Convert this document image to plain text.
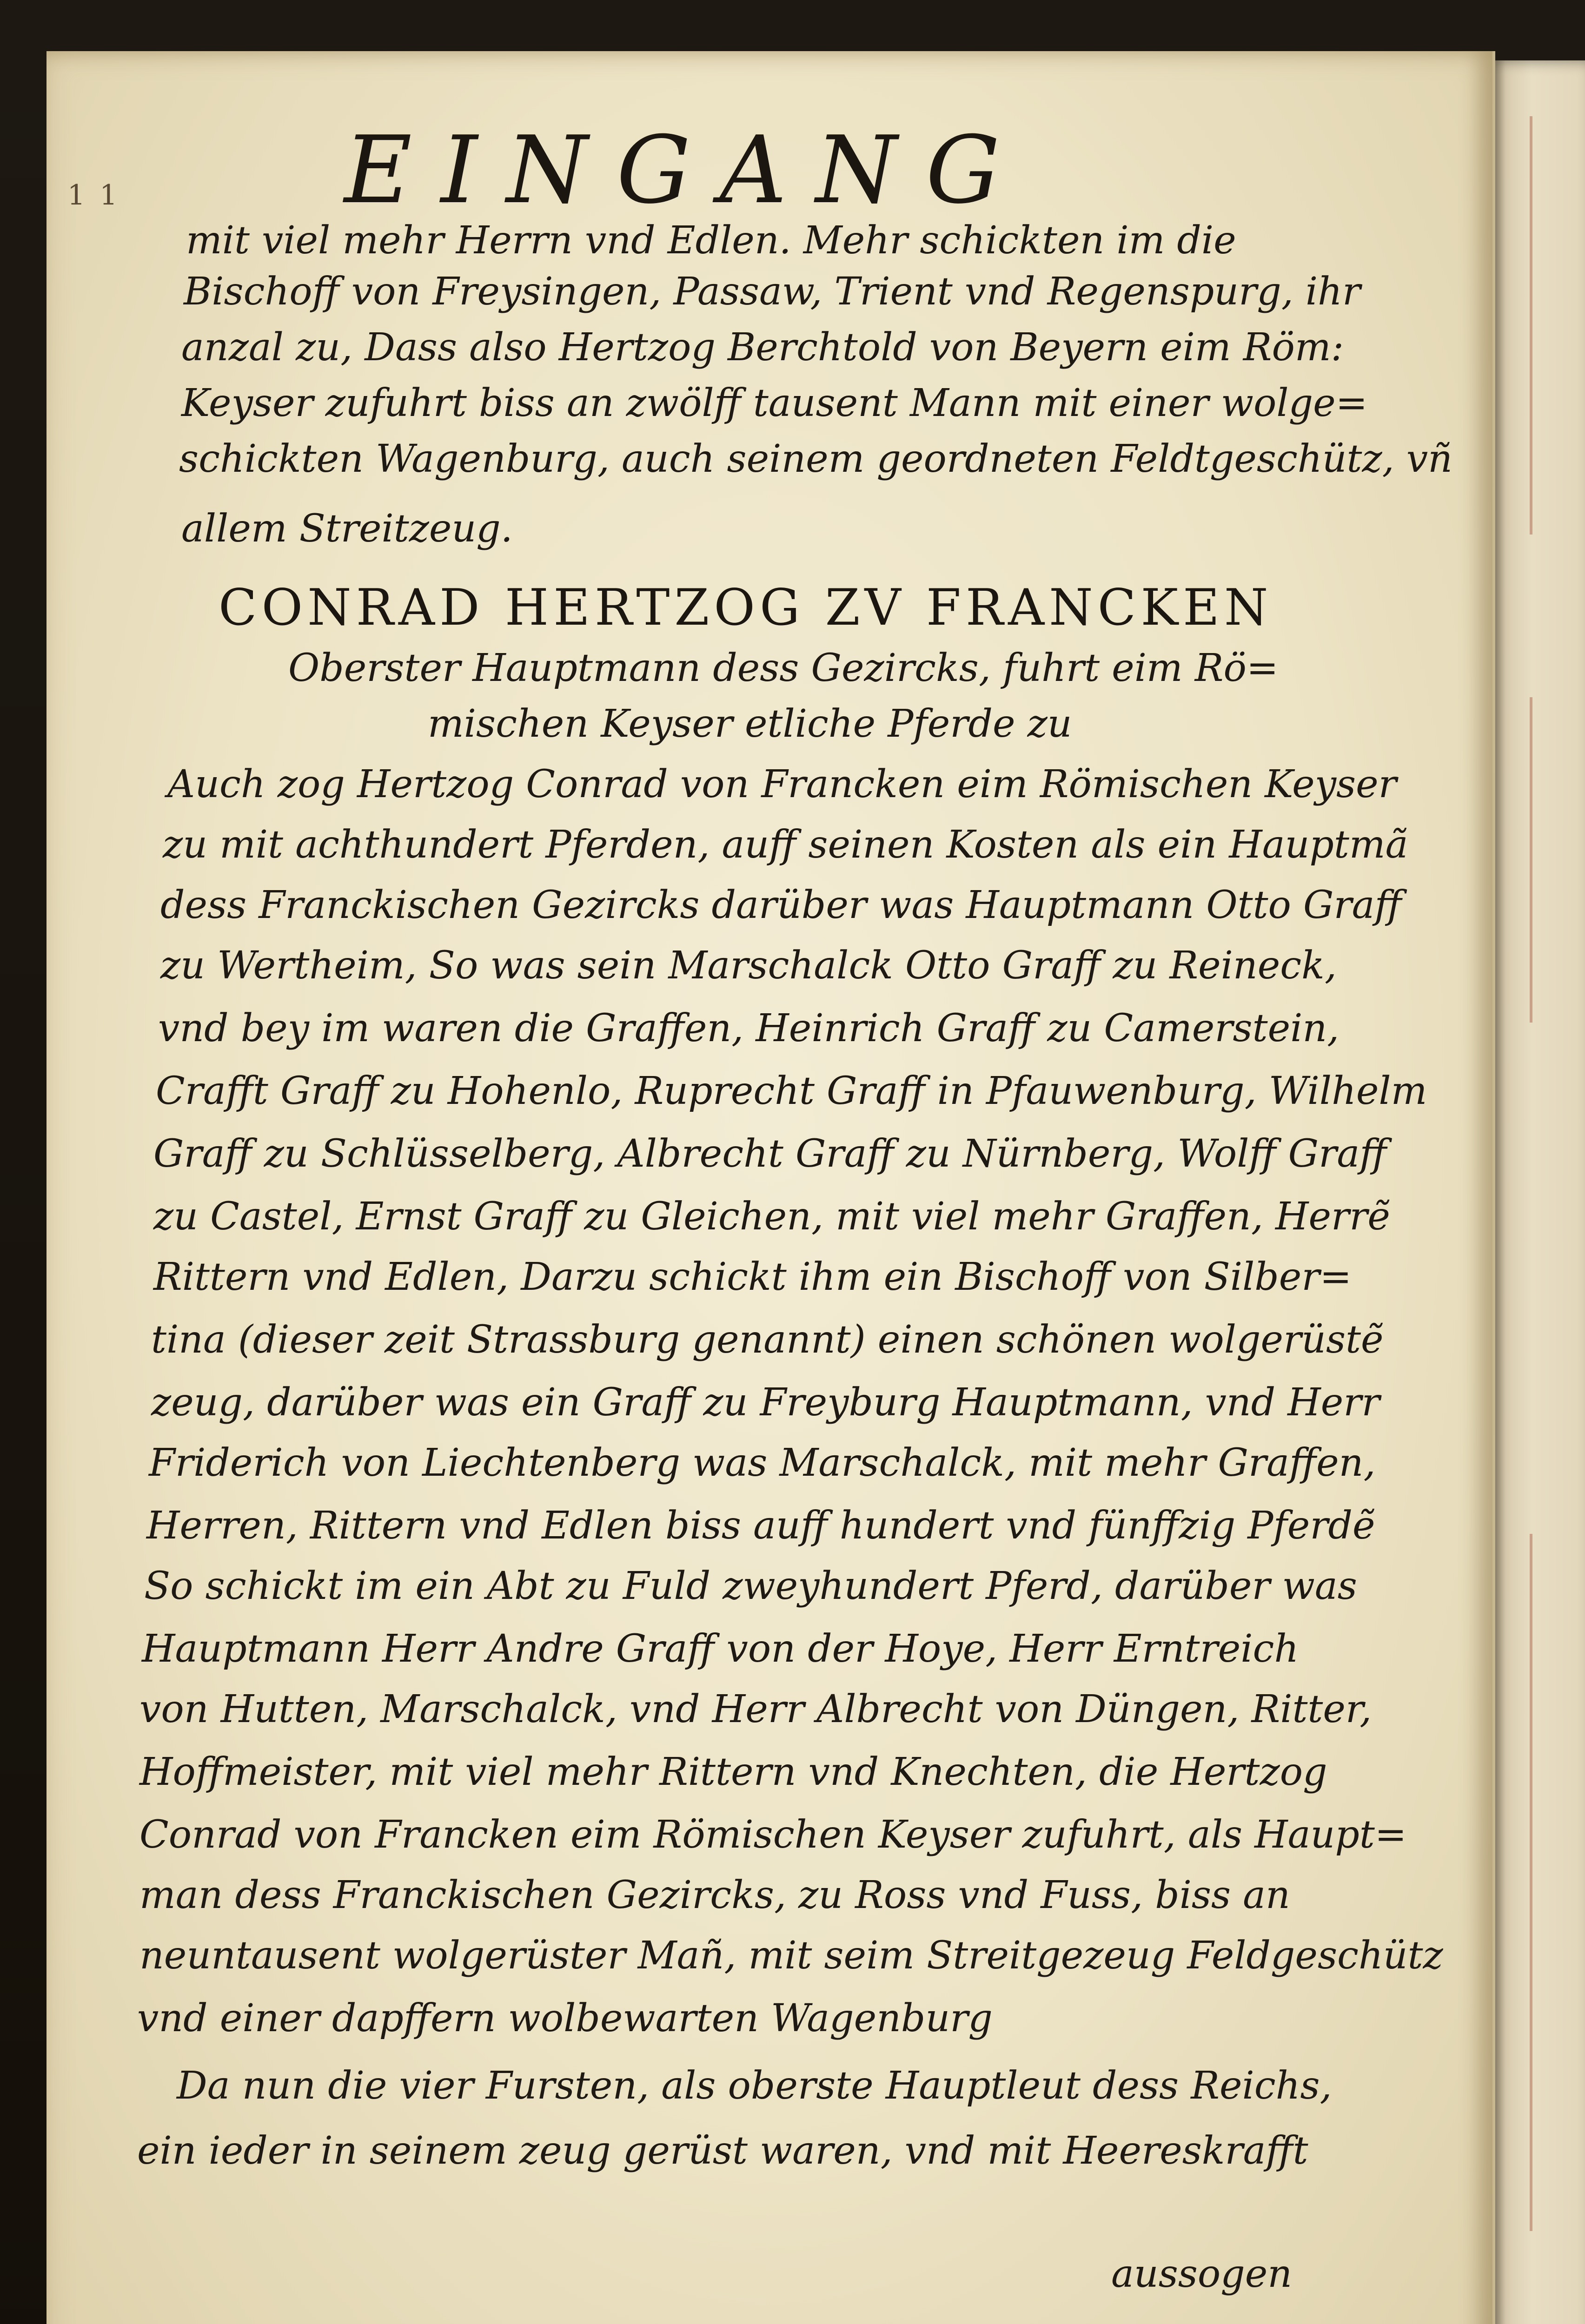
1 1 EINGANG
mit viel mehr Herrn vnd Edlen. Mehr schickten im die
Bischoff von Freysingen, Passaw, Trient vnd Regenspurg, ihr
anzal zu, Dass also Hertzog Berchtold von Beyern eim Röm:
Keyser zufuhrt biss an zwölff tausent Mann mit einer wolge=
schickten Wagenburg, auch seinem geordneten Feldtgeschütz, vñ
allem Streitzeug.
CONRAD HERTZOG ZV FRANCKEN
Oberster Hauptmann dess Gezircks, fuhrt eim Rö=
mischen Keyser etliche Pferde zu
Auch zog Hertzog Conrad von Francken eim Römischen Keyser
zu mit achthundert Pferden, auff seinen Kosten als ein Hauptmã
dess Franckischen Gezircks darüber was Hauptmann Otto Graff
zu Wertheim, So was sein Marschalck Otto Graff zu Reineck,
vnd bey im waren die Graffen, Heinrich Graff zu Camerstein,
Crafft Graff zu Hohenlo, Ruprecht Graff in Pfauwenburg, Wilhelm
Graff zu Schlüsselberg, Albrecht Graff zu Nürnberg, Wolff Graff
zu Castel, Ernst Graff zu Gleichen, mit viel mehr Graffen, Herrẽ
Rittern vnd Edlen, Darzu schickt ihm ein Bischoff von Silber=
tina (dieser zeit Strassburg genannt) einen schönen wolgerüstẽ
zeug, darüber was ein Graff zu Freyburg Hauptmann, vnd Herr
Friderich von Liechtenberg was Marschalck, mit mehr Graffen,
Herren, Rittern vnd Edlen biss auff hundert vnd fünffzig Pferdẽ
So schickt im ein Abt zu Fuld zweyhundert Pferd, darüber was
Hauptmann Herr Andre Graff von der Hoye, Herr Erntreich
von Hutten, Marschalck, vnd Herr Albrecht von Düngen, Ritter,
Hoffmeister, mit viel mehr Rittern vnd Knechten, die Hertzog
Conrad von Francken eim Römischen Keyser zufuhrt, als Haupt=
man dess Franckischen Gezircks, zu Ross vnd Fuss, biss an
neuntausent wolgerüster Mañ, mit seim Streitgezeug Feldgeschütz
vnd einer dapffern wolbewarten Wagenburg
Da nun die vier Fursten, als oberste Hauptleut dess Reichs,
ein ieder in seinem zeug gerüst waren, vnd mit Heereskrafft
aussogen
